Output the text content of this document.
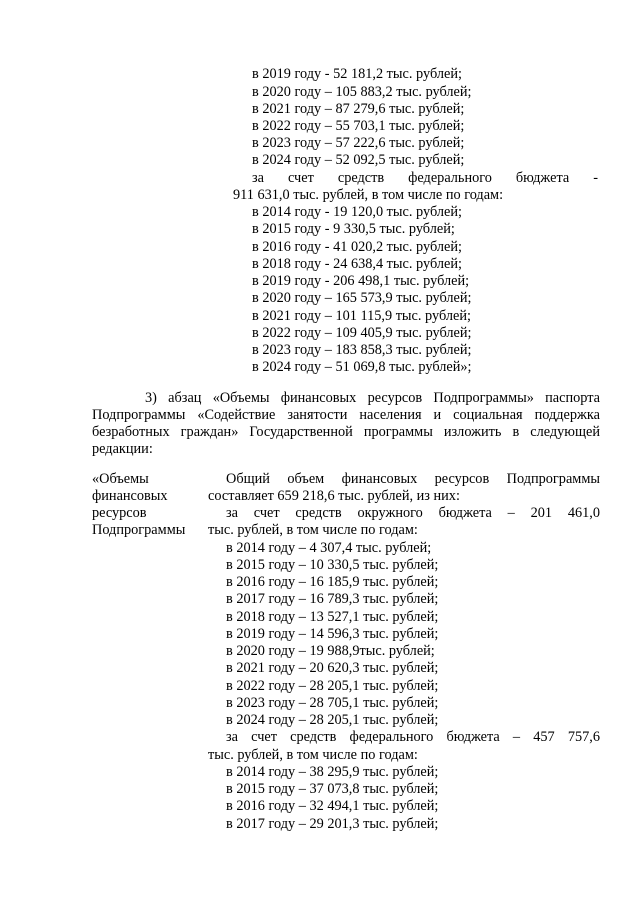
в 2019 году - 52 181,2 тыс. рублей;
в 2020 году – 105 883,2 тыс. рублей;
в 2021 году – 87 279,6 тыс. рублей;
в 2022 году – 55 703,1 тыс. рублей;
в 2023 году – 57 222,6 тыс. рублей;
в 2024 году – 52 092,5 тыс. рублей;
за счет средств федерального бюджета -
911 631,0 тыс. рублей, в том числе по годам:
в 2014 году - 19 120,0 тыс. рублей;
в 2015 году - 9 330,5 тыс. рублей;
в 2016 году - 41 020,2 тыс. рублей;
в 2018 году - 24 638,4 тыс. рублей;
в 2019 году - 206 498,1 тыс. рублей;
в 2020 году – 165 573,9 тыс. рублей;
в 2021 году – 101 115,9 тыс. рублей;
в 2022 году – 109 405,9 тыс. рублей;
в 2023 году – 183 858,3 тыс. рублей;
в 2024 году – 51 069,8 тыс. рублей»;
3) абзац «Объемы финансовых ресурсов Подпрограммы» паспорта
Подпрограммы «Содействие занятости населения и социальная поддержка
безработных граждан» Государственной программы изложить в следующей
редакции:
«Объемы
финансовых
ресурсов
Подпрограммы
Общий объем финансовых ресурсов Подпрограммы
составляет 659 218,6 тыс. рублей, из них:
за счет средств окружного бюджета – 201 461,0
тыс. рублей, в том числе по годам:
в 2014 году – 4 307,4 тыс. рублей;
в 2015 году – 10 330,5 тыс. рублей;
в 2016 году – 16 185,9 тыс. рублей;
в 2017 году – 16 789,3 тыс. рублей;
в 2018 году – 13 527,1 тыс. рублей;
в 2019 году – 14 596,3 тыс. рублей;
в 2020 году – 19 988,9тыс. рублей;
в 2021 году – 20 620,3 тыс. рублей;
в 2022 году – 28 205,1 тыс. рублей;
в 2023 году – 28 705,1 тыс. рублей;
в 2024 году – 28 205,1 тыс. рублей;
за счет средств федерального бюджета – 457 757,6
тыс. рублей, в том числе по годам:
в 2014 году – 38 295,9 тыс. рублей;
в 2015 году – 37 073,8 тыс. рублей;
в 2016 году – 32 494,1 тыс. рублей;
в 2017 году – 29 201,3 тыс. рублей;
